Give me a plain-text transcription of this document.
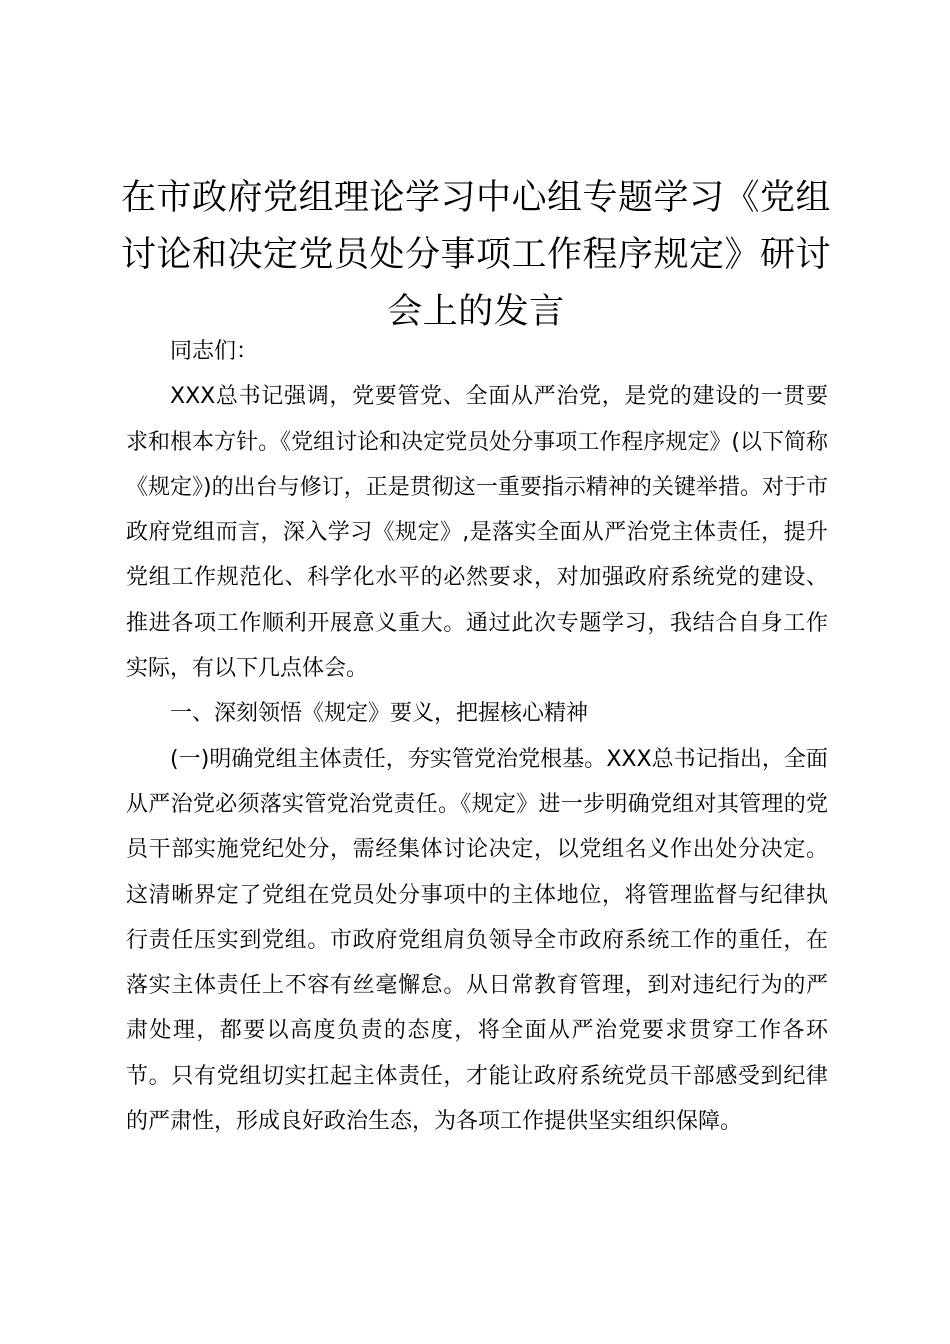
在市政府党组理论学习中心组专题学习《党组讨论和决定党员处分事项工作程序规定》研讨会上的发言

同志们：

XXX总书记强调，党要管党、全面从严治党，是党的建设的一贯要求和根本方针。《党组讨论和决定党员处分事项工作程序规定》(以下简称《规定》)的出台与修订，正是贯彻这一重要指示精神的关键举措。对于市政府党组而言，深入学习《规定》,是落实全面从严治党主体责任，提升党组工作规范化、科学化水平的必然要求，对加强政府系统党的建设、推进各项工作顺利开展意义重大。通过此次专题学习，我结合自身工作实际，有以下几点体会。

一、深刻领悟《规定》要义，把握核心精神

(一)明确党组主体责任，夯实管党治党根基。XXX总书记指出，全面从严治党必须落实管党治党责任。《规定》进一步明确党组对其管理的党员干部实施党纪处分，需经集体讨论决定，以党组名义作出处分决定。这清晰界定了党组在党员处分事项中的主体地位，将管理监督与纪律执行责任压实到党组。市政府党组肩负领导全市政府系统工作的重任，在落实主体责任上不容有丝毫懈怠。从日常教育管理，到对违纪行为的严肃处理，都要以高度负责的态度，将全面从严治党要求贯穿工作各环节。只有党组切实扛起主体责任，才能让政府系统党员干部感受到纪律的严肃性，形成良好政治生态，为各项工作提供坚实组织保障。
